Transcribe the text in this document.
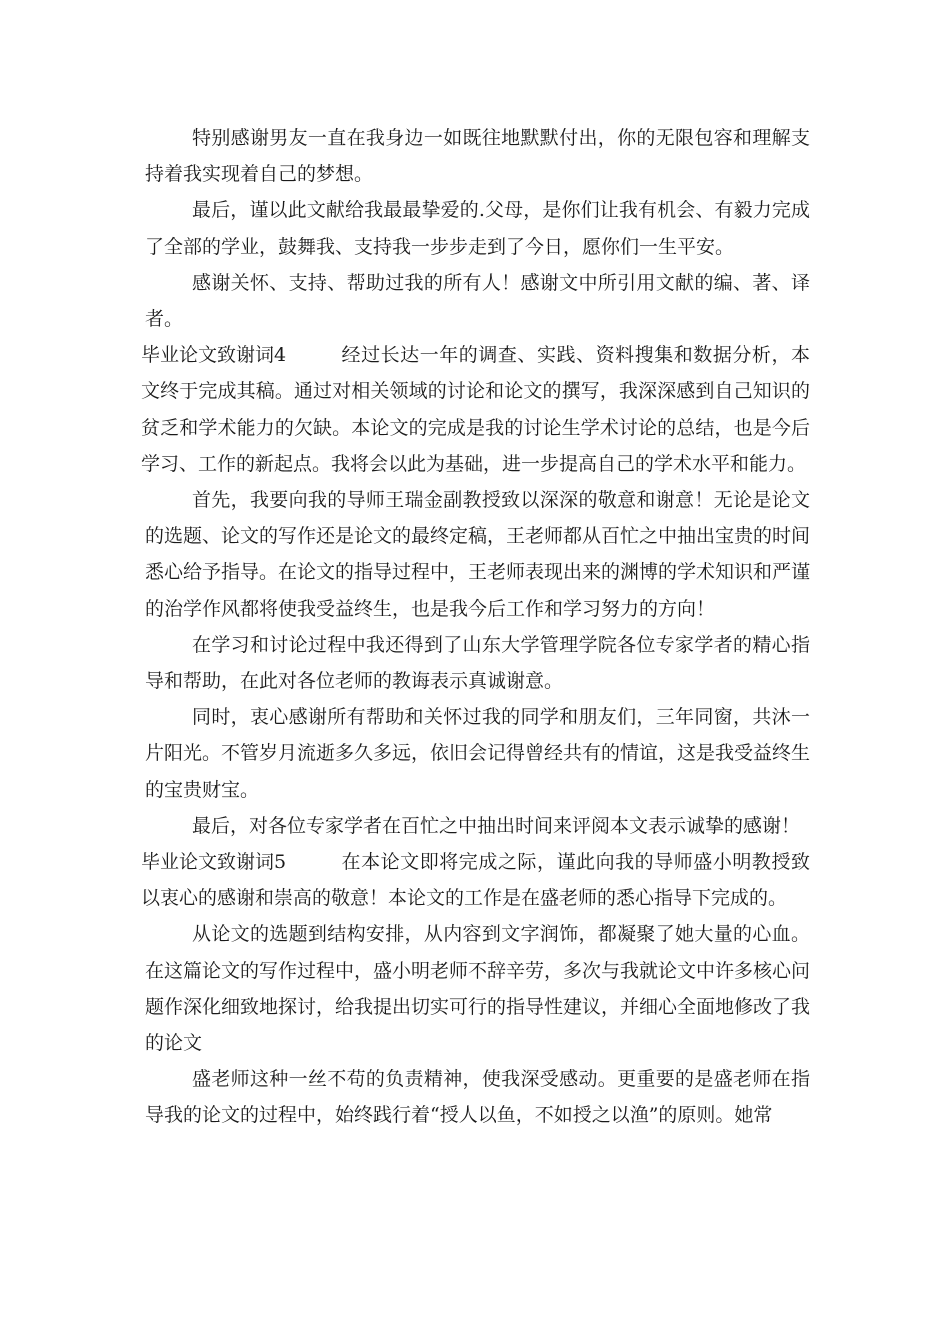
特别感谢男友一直在我身边一如既往地默默付出，你的无限包容和理解支持着我实现着自己的梦想。

最后，谨以此文献给我最最挚爱的.父母，是你们让我有机会、有毅力完成了全部的学业，鼓舞我、支持我一步步走到了今日，愿你们一生平安。

感谢关怀、支持、帮助过我的所有人！感谢文中所引用文献的编、著、译者。

毕业论文致谢词4	经过长达一年的调查、实践、资料搜集和数据分析，本文终于完成其稿。通过对相关领域的讨论和论文的撰写，我深深感到自己知识的贫乏和学术能力的欠缺。本论文的完成是我的讨论生学术讨论的总结，也是今后学习、工作的新起点。我将会以此为基础，进一步提高自己的学术水平和能力。

首先，我要向我的导师王瑞金副教授致以深深的敬意和谢意！无论是论文的选题、论文的写作还是论文的最终定稿，王老师都从百忙之中抽出宝贵的时间悉心给予指导。在论文的指导过程中，王老师表现出来的渊博的学术知识和严谨的治学作风都将使我受益终生，也是我今后工作和学习努力的方向！

在学习和讨论过程中我还得到了山东大学管理学院各位专家学者的精心指导和帮助，在此对各位老师的教诲表示真诚谢意。

同时，衷心感谢所有帮助和关怀过我的同学和朋友们，三年同窗，共沐一片阳光。不管岁月流逝多久多远，依旧会记得曾经共有的情谊，这是我受益终生的宝贵财宝。

最后，对各位专家学者在百忙之中抽出时间来评阅本文表示诚挚的感谢！

毕业论文致谢词5	在本论文即将完成之际，谨此向我的导师盛小明教授致以衷心的感谢和崇高的敬意！本论文的工作是在盛老师的悉心指导下完成的。

从论文的选题到结构安排，从内容到文字润饰，都凝聚了她大量的心血。在这篇论文的写作过程中，盛小明老师不辞辛劳，多次与我就论文中许多核心问题作深化细致地探讨，给我提出切实可行的指导性建议，并细心全面地修改了我的论文

盛老师这种一丝不苟的负责精神，使我深受感动。更重要的是盛老师在指导我的论文的过程中，始终践行着“授人以鱼，不如授之以渔”的原则。她常
